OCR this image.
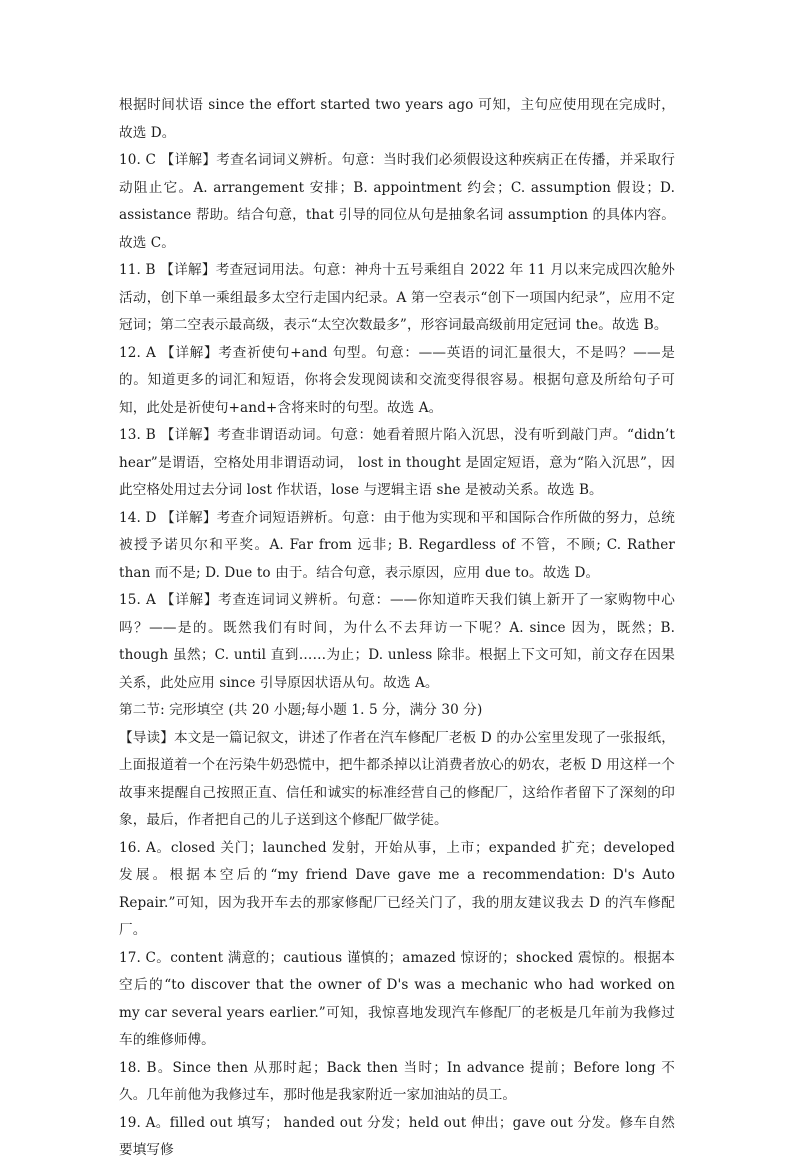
根据时间状语 since the effort started two years ago 可知，主句应使用现在完成时，故选 D。

10. C 【详解】考查名词词义辨析。句意：当时我们必须假设这种疾病正在传播，并采取行动阻止它。A. arrangement 安排；B. appointment 约会；C. assumption 假设；D. assistance 帮助。结合句意，that 引导的同位从句是抽象名词 assumption 的具体内容。故选 C。

11. B 【详解】考查冠词用法。句意：神舟十五号乘组自 2022 年 11 月以来完成四次舱外活动，创下单一乘组最多太空行走国内纪录。A 第一空表示“创下一项国内纪录”，应用不定冠词；第二空表示最高级，表示“太空次数最多”，形容词最高级前用定冠词 the。故选 B。

12. A 【详解】考查祈使句+and 句型。句意：——英语的词汇量很大，不是吗？——是的。知道更多的词汇和短语，你将会发现阅读和交流变得很容易。根据句意及所给句子可知，此处是祈使句+and+含将来时的句型。故选 A。

13. B 【详解】考查非谓语动词。句意：她看着照片陷入沉思，没有听到敲门声。“didn’t hear”是谓语，空格处用非谓语动词， lost in thought 是固定短语，意为“陷入沉思”，因此空格处用过去分词 lost 作状语，lose 与逻辑主语 she 是被动关系。故选 B。

14. D 【详解】考查介词短语辨析。句意：由于他为实现和平和国际合作所做的努力，总统被授予诺贝尔和平奖。A. Far from 远非; B. Regardless of 不管，不顾; C. Rather than 而不是; D. Due to 由于。结合句意，表示原因，应用 due to。故选 D。

15. A 【详解】考查连词词义辨析。句意：——你知道昨天我们镇上新开了一家购物中心吗？——是的。既然我们有时间，为什么不去拜访一下呢？A. since 因为，既然；B. though 虽然；C. until 直到……为止；D. unless 除非。根据上下文可知，前文存在因果关系，此处应用 since 引导原因状语从句。故选 A。

第二节: 完形填空 (共 20 小题;每小题 1. 5 分，满分 30 分)

【导读】本文是一篇记叙文，讲述了作者在汽车修配厂老板 D 的办公室里发现了一张报纸，上面报道着一个在污染牛奶恐慌中，把牛都杀掉以让消费者放心的奶农，老板 D 用这样一个故事来提醒自己按照正直、信任和诚实的标准经营自己的修配厂，这给作者留下了深刻的印象，最后，作者把自己的儿子送到这个修配厂做学徒。

16. A。closed 关门；launched 发射，开始从事，上市；expanded 扩充；developed 发展。根据本空后的“my friend Dave gave me a recommendation: D's Auto Repair.”可知，因为我开车去的那家修配厂已经关门了，我的朋友建议我去 D 的汽车修配厂。

17. C。content 满意的；cautious 谨慎的；amazed 惊讶的；shocked 震惊的。根据本空后的“to discover that the owner of D's was a mechanic who had worked on my car several years earlier.”可知，我惊喜地发现汽车修配厂的老板是几年前为我修过车的维修师傅。

18. B。Since then 从那时起；Back then 当时；In advance 提前；Before long 不久。几年前他为我修过车，那时他是我家附近一家加油站的员工。

19. A。filled out 填写； handed out 分发；held out 伸出；gave out 分发。修车自然要填写修
